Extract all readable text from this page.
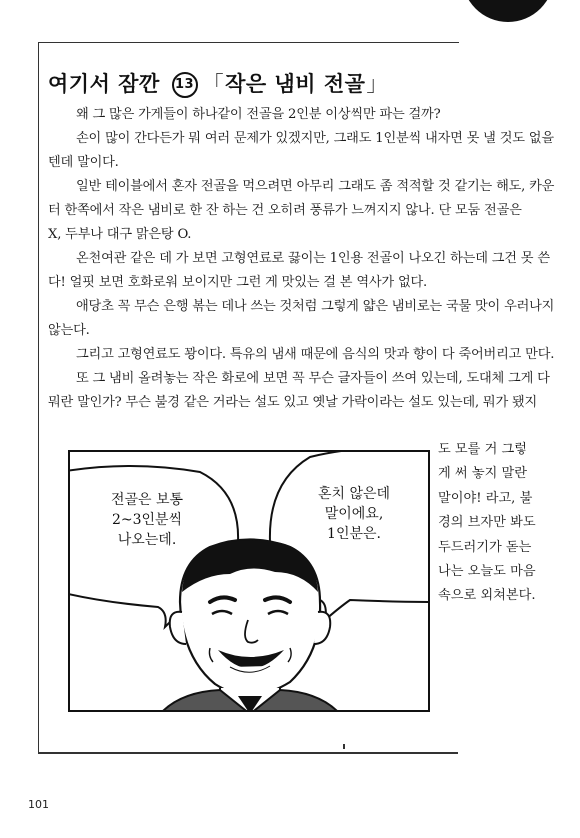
여기서 잠깐 13 「작은 냄비 전골」

왜 그 많은 가게들이 하나같이 전골을 2인분 이상씩만 파는 걸까?

손이 많이 간다든가 뭐 여러 문제가 있겠지만, 그래도 1인분씩 내자면 못 낼 것도 없을
텐데 말이다.

일반 테이블에서 혼자 전골을 먹으려면 아무리 그래도 좀 적적할 것 같기는 해도, 카운
터 한쪽에서 작은 냄비로 한 잔 하는 건 오히려 풍류가 느껴지지 않나. 단 모둠 전골은
X, 두부나 대구 맑은탕 O.

온천여관 같은 데 가 보면 고형연료로 끓이는 1인용 전골이 나오긴 하는데 그건 못 쓴
다! 얼핏 보면 호화로워 보이지만 그런 게 맛있는 걸 본 역사가 없다.

애당초 꼭 무슨 은행 볶는 데나 쓰는 것처럼 그렇게 얇은 냄비로는 국물 맛이 우러나지
않는다.

그리고 고형연료도 꽝이다. 특유의 냄새 때문에 음식의 맛과 향이 다 죽어버리고 만다.

또 그 냄비 올려놓는 작은 화로에 보면 꼭 무슨 글자들이 쓰여 있는데, 도대체 그게 다
뭐란 말인가? 무슨 불경 같은 거라는 설도 있고 옛날 가락이라는 설도 있는데, 뭐가 됐지

도 모를 거 그렇
게 써 놓지 말란
말이야! 라고, 불
경의 브자만 봐도
두드러기가 돋는
나는 오늘도 마음
속으로 외쳐본다.
전골은 보통
2~3인분씩
나오는데.
혼치 않은데
말이에요,
1인분은.
101
